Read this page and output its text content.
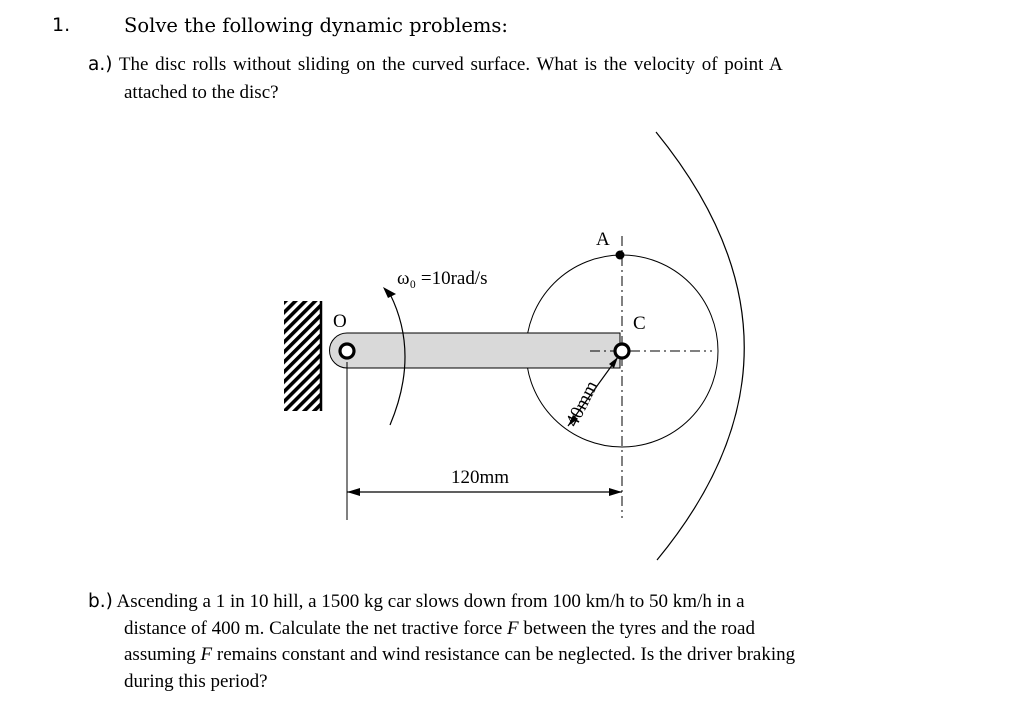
1.	Solve the following dynamic problems:
a.) The disc rolls without sliding on the curved surface. What is the velocity of point A
attached to the disc?
ω₀ =10rad/s
O
A
C
120mm
40mm
b.) Ascending a 1 in 10 hill, a 1500 kg car slows down from 100 km/h to 50 km/h in a
distance of 400 m. Calculate the net tractive force F between the tyres and the road
assuming F remains constant and wind resistance can be neglected. Is the driver braking
during this period?
